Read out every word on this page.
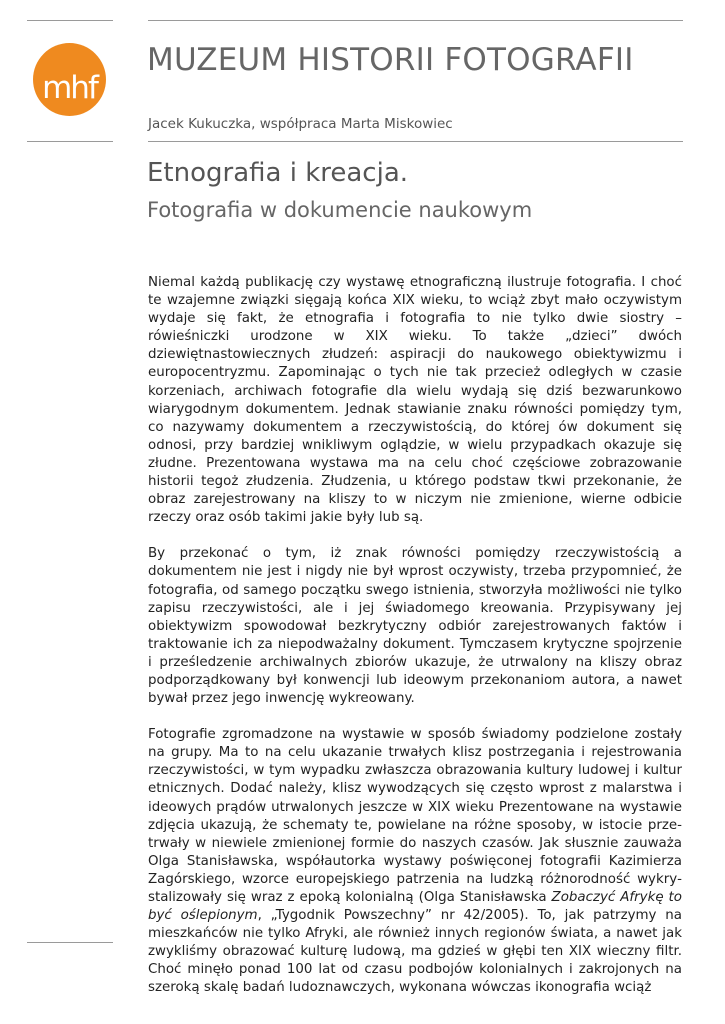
mhf
MUZEUM HISTORII FOTOGRAFII
Jacek Kukuczka, współpraca Marta Miskowiec
Etnografia i kreacja.
Fotografia w dokumencie naukowym

Niemal każdą publikację czy wystawę etnograficzną ilustruje fotografia. I choć te wzajemne związki sięgają końca XIX wieku, to wciąż zbyt mało oczywistym wydaje się fakt, że etnografia i fotografia to nie tylko dwie siostry – rówieśniczki urodzone w XIX wieku. To także „dzieci” dwóch dziewiętnastowiecznych złudzeń: aspiracji do naukowego obiektywizmu i europocentryzmu. Zapominając o tych nie tak przecież odległych w czasie korzeniach, archiwach fotografie dla wielu wydają się dziś bezwarunkowo wiarygodnym dokumentem. Jednak stawianie znaku równości pomiędzy tym, co nazywamy dokumentem a rzeczywistością, do której ów dokument się odnosi, przy bardziej wnikliwym oglądzie, w wielu przypadkach okazuje się złudne. Prezentowana wystawa ma na celu choć częściowe zobrazowanie historii tegoż złudzenia. Złudzenia, u którego podstaw tkwi przekonanie, że obraz zarejestrowany na kliszy to w niczym nie zmienione, wierne odbicie rzeczy oraz osób takimi jakie były lub są.

By przekonać o tym, iż znak równości pomiędzy rzeczywistością a dokumentem nie jest i nigdy nie był wprost oczywisty, trzeba przypomnieć, że fotografia, od samego początku swego istnienia, stworzyła możliwości nie tylko zapisu rzeczywistości, ale i jej świadomego kreowania. Przypisywany jej obiektywizm spowodował bezkrytyczny odbiór zarejestrowanych faktów i traktowanie ich za niepodważalny dokument. Tymczasem krytyczne spojrzenie i prześledzenie archiwalnych zbiorów ukazuje, że utrwalony na kliszy obraz podporządkowany był konwencji lub ideowym przekonaniom autora, a nawet bywał przez jego inwencję wykreowany.

Fotografie zgromadzone na wystawie w sposób świadomy podzielone zostały na grupy. Ma to na celu ukazanie trwałych klisz postrzegania i rejestrowania rzeczywistości, w tym wypadku zwłaszcza obrazowania kultury ludowej i kultur etnicznych. Dodać należy, klisz wywodzących się często wprost z malarstwa i ideowych prądów utrwalonych jeszcze w XIX wieku Prezentowane na wystawie zdjęcia ukazują, że schematy te, powielane na różne sposoby, w istocie przetrwały w niewiele zmienionej formie do naszych czasów. Jak słusznie zauważa Olga Stanisławska, współautorka wystawy poświęconej fotografii Kazimierza Zagórskiego, wzorce europejskiego patrzenia na ludzką różnorodność wykrystalizowały się wraz z epoką kolonialną (Olga Stanisławska Zobaczyć Afrykę to być oślepionym, „Tygodnik Powszechny” nr 42/2005). To, jak patrzymy na mieszkańców nie tylko Afryki, ale również innych regionów świata, a nawet jak zwykliśmy obrazować kulturę ludową, ma gdzieś w głębi ten XIX wieczny filtr. Choć minęło ponad 100 lat od czasu podbojów kolonialnych i zakrojonych na szeroką skalę badań ludoznawczych, wykonana wówczas ikonografia wciąż
